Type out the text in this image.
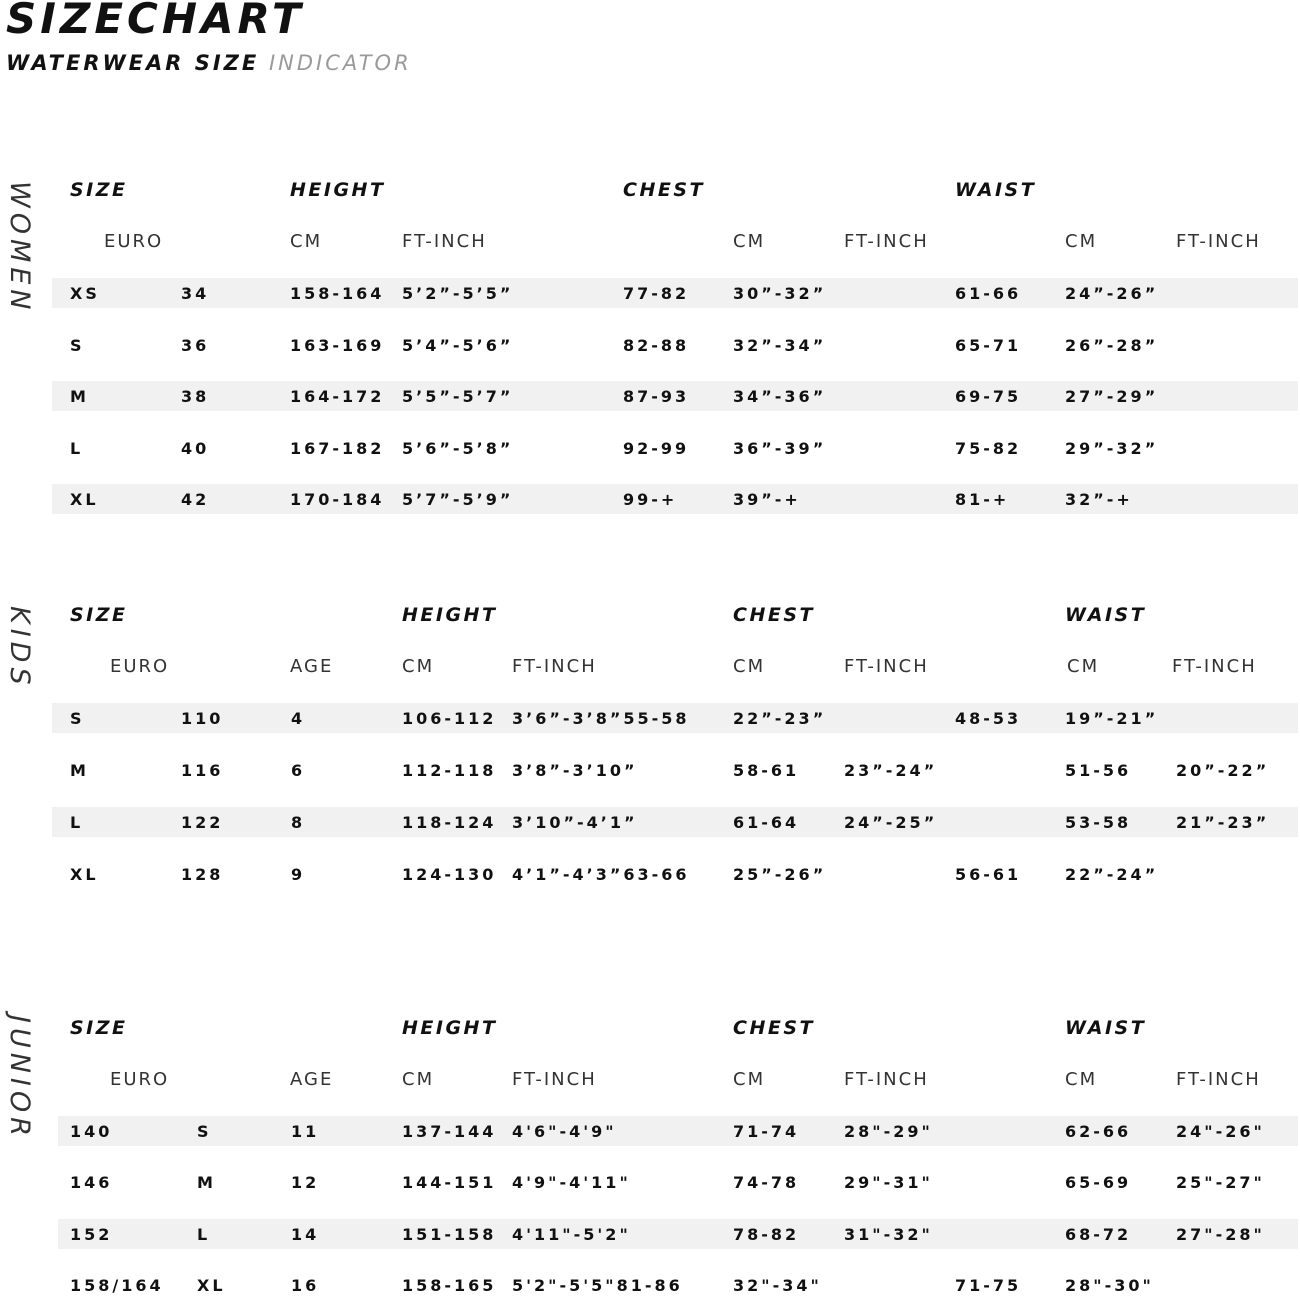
SIZECHART
WATERWEAR SIZE INDICATOR
WOMEN SIZE	HEIGHT	CHEST	WAIST
EURO	CM	FT-INCH	CM	FT-INCH	CM	FT-INCH
XS	34	158-164 5’2”-5’5”	77-82	30”-32”	61-66	24”-26”
S	36	163-169 5’4”-5’6”	82-88	32”-34”	65-71	26”-28”
M	38	164-172 5’5”-5’7”	87-93	34”-36”	69-75	27”-29”
L	40	167-182 5’6”-5’8”	92-99	36”-39”	75-82	29”-32”
XL	42	170-184 5’7”-5’9”	99-+	39”-+	81-+	32”-+
KIDS SIZE	HEIGHT	CHEST	WAIST
EURO	AGE	CM	FT-INCH	CM	FT-INCH	CM	FT-INCH
S	110	4	106-112 3’6”-3’8”55-58	22”-23”	48-53	19”-21”
M	116	6	112-118 3’8”-3’10”	58-61	23”-24”	51-56	20”-22”
L	122	8	118-124 3’10”-4’1”	61-64	24”-25”	53-58	21”-23”
XL	128	9	124-130 4’1”-4’3”63-66	25”-26”	56-61	22”-24”
JUNIOR SIZE	HEIGHT	CHEST	WAIST
EURO	AGE	CM	FT-INCH	CM	FT-INCH	CM	FT-INCH
140	S	11	137-144 4'6"-4'9"	71-74	28"-29"	62-66	24"-26"
146	M	12	144-151 4'9"-4'11"	74-78	29"-31"	65-69	25"-27"
152	L	14	151-158 4'11"-5'2"	78-82	31"-32"	68-72	27"-28"
158/164 XL	16	158-165 5'2"-5'5"81-86	32"-34"	71-75	28"-30"
